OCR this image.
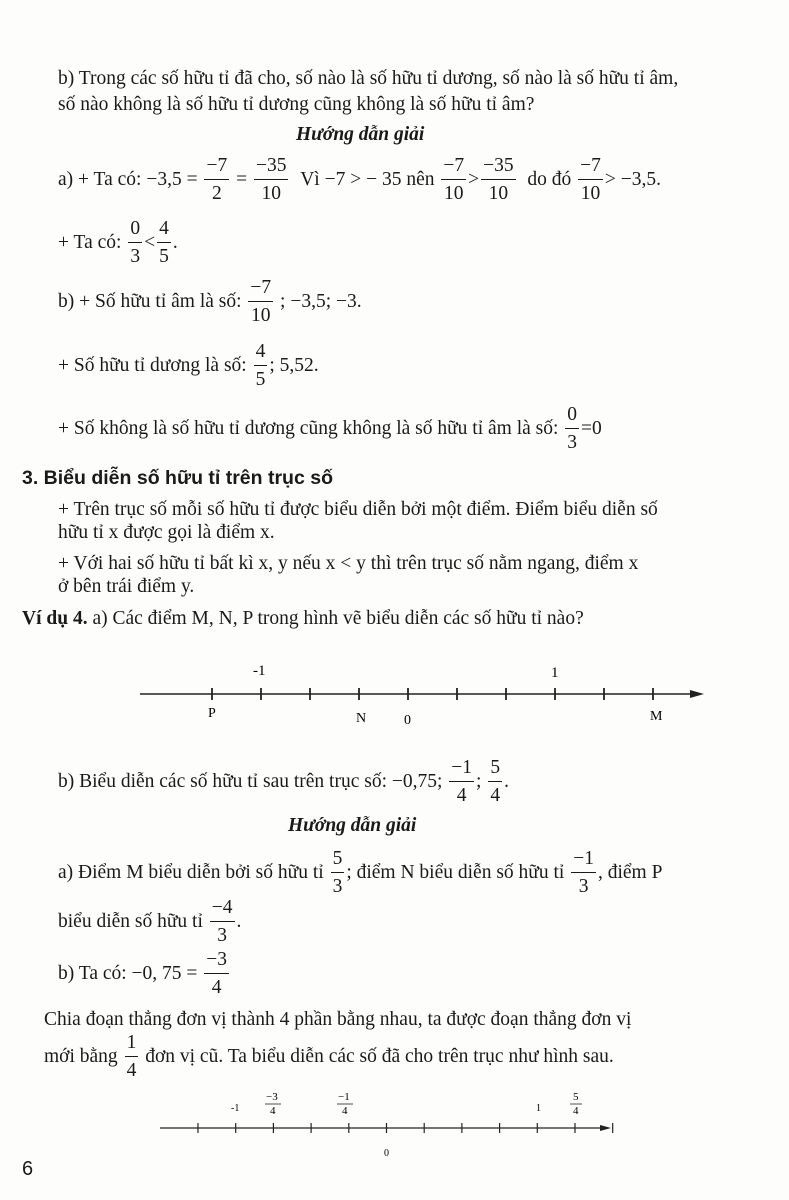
b) Trong các số hữu tỉ đã cho, số nào là số hữu tỉ dương, số nào là số hữu tỉ âm,
số nào không là số hữu tỉ dương cũng không là số hữu tỉ âm?
Hướng dẫn giải
a) + Ta có: $-3,5 = \frac{-7}{2} = \frac{-35}{10}$ Vì −7 > − 35 nên $\frac{-7}{10} > \frac{-35}{10}$ do đó $\frac{-7}{10} > -3,5$.
+ Ta có: $\frac{0}{3} < \frac{4}{5}$ .
b) + Số hữu tỉ âm là số: $\frac{-7}{10}$ ; −3,5; −3.
+ Số hữu tỉ dương là số: $\frac{4}{5}$ ; 5,52.
+ Số không là số hữu tỉ dương cũng không là số hữu tỉ âm là số: $\frac{0}{3} =0$
3. Biểu diễn số hữu tỉ trên trục số
+ Trên trục số mỗi số hữu tỉ được biểu diễn bởi một điểm. Điểm biểu diễn số
hữu tỉ x được gọi là điểm x.
+ Với hai số hữu tỉ bất kì x, y nếu x < y thì trên trục số nằm ngang, điểm x
ở bên trái điểm y.
Ví dụ 4. a) Các điểm M, N, P trong hình vẽ biểu diễn các số hữu tỉ nào?
-1	1
P	N	0	M
b) Biểu diễn các số hữu tỉ sau trên trục số: −0,75; $\frac{-1}{4}$ ; $\frac{5}{4}$ .
Hướng dẫn giải
a) Điểm M biểu diễn bởi số hữu tỉ $\frac{5}{3}$ ; điểm N biểu diễn số hữu tỉ $\frac{-1}{3}$ , điểm P
biểu diễn số hữu tỉ $\frac{-4}{3}$ .
b) Ta có: −0, $75 = \frac{-3}{4}$
Chia đoạn thẳng đơn vị thành 4 phần bằng nhau, ta được đoạn thẳng đơn vị
mới bằng $\frac{1}{4}$ đơn vị cũ. Ta biểu diễn các số đã cho trên trục như hình sau.
-1
−3
4
−1
4	1
5
4
0
6
